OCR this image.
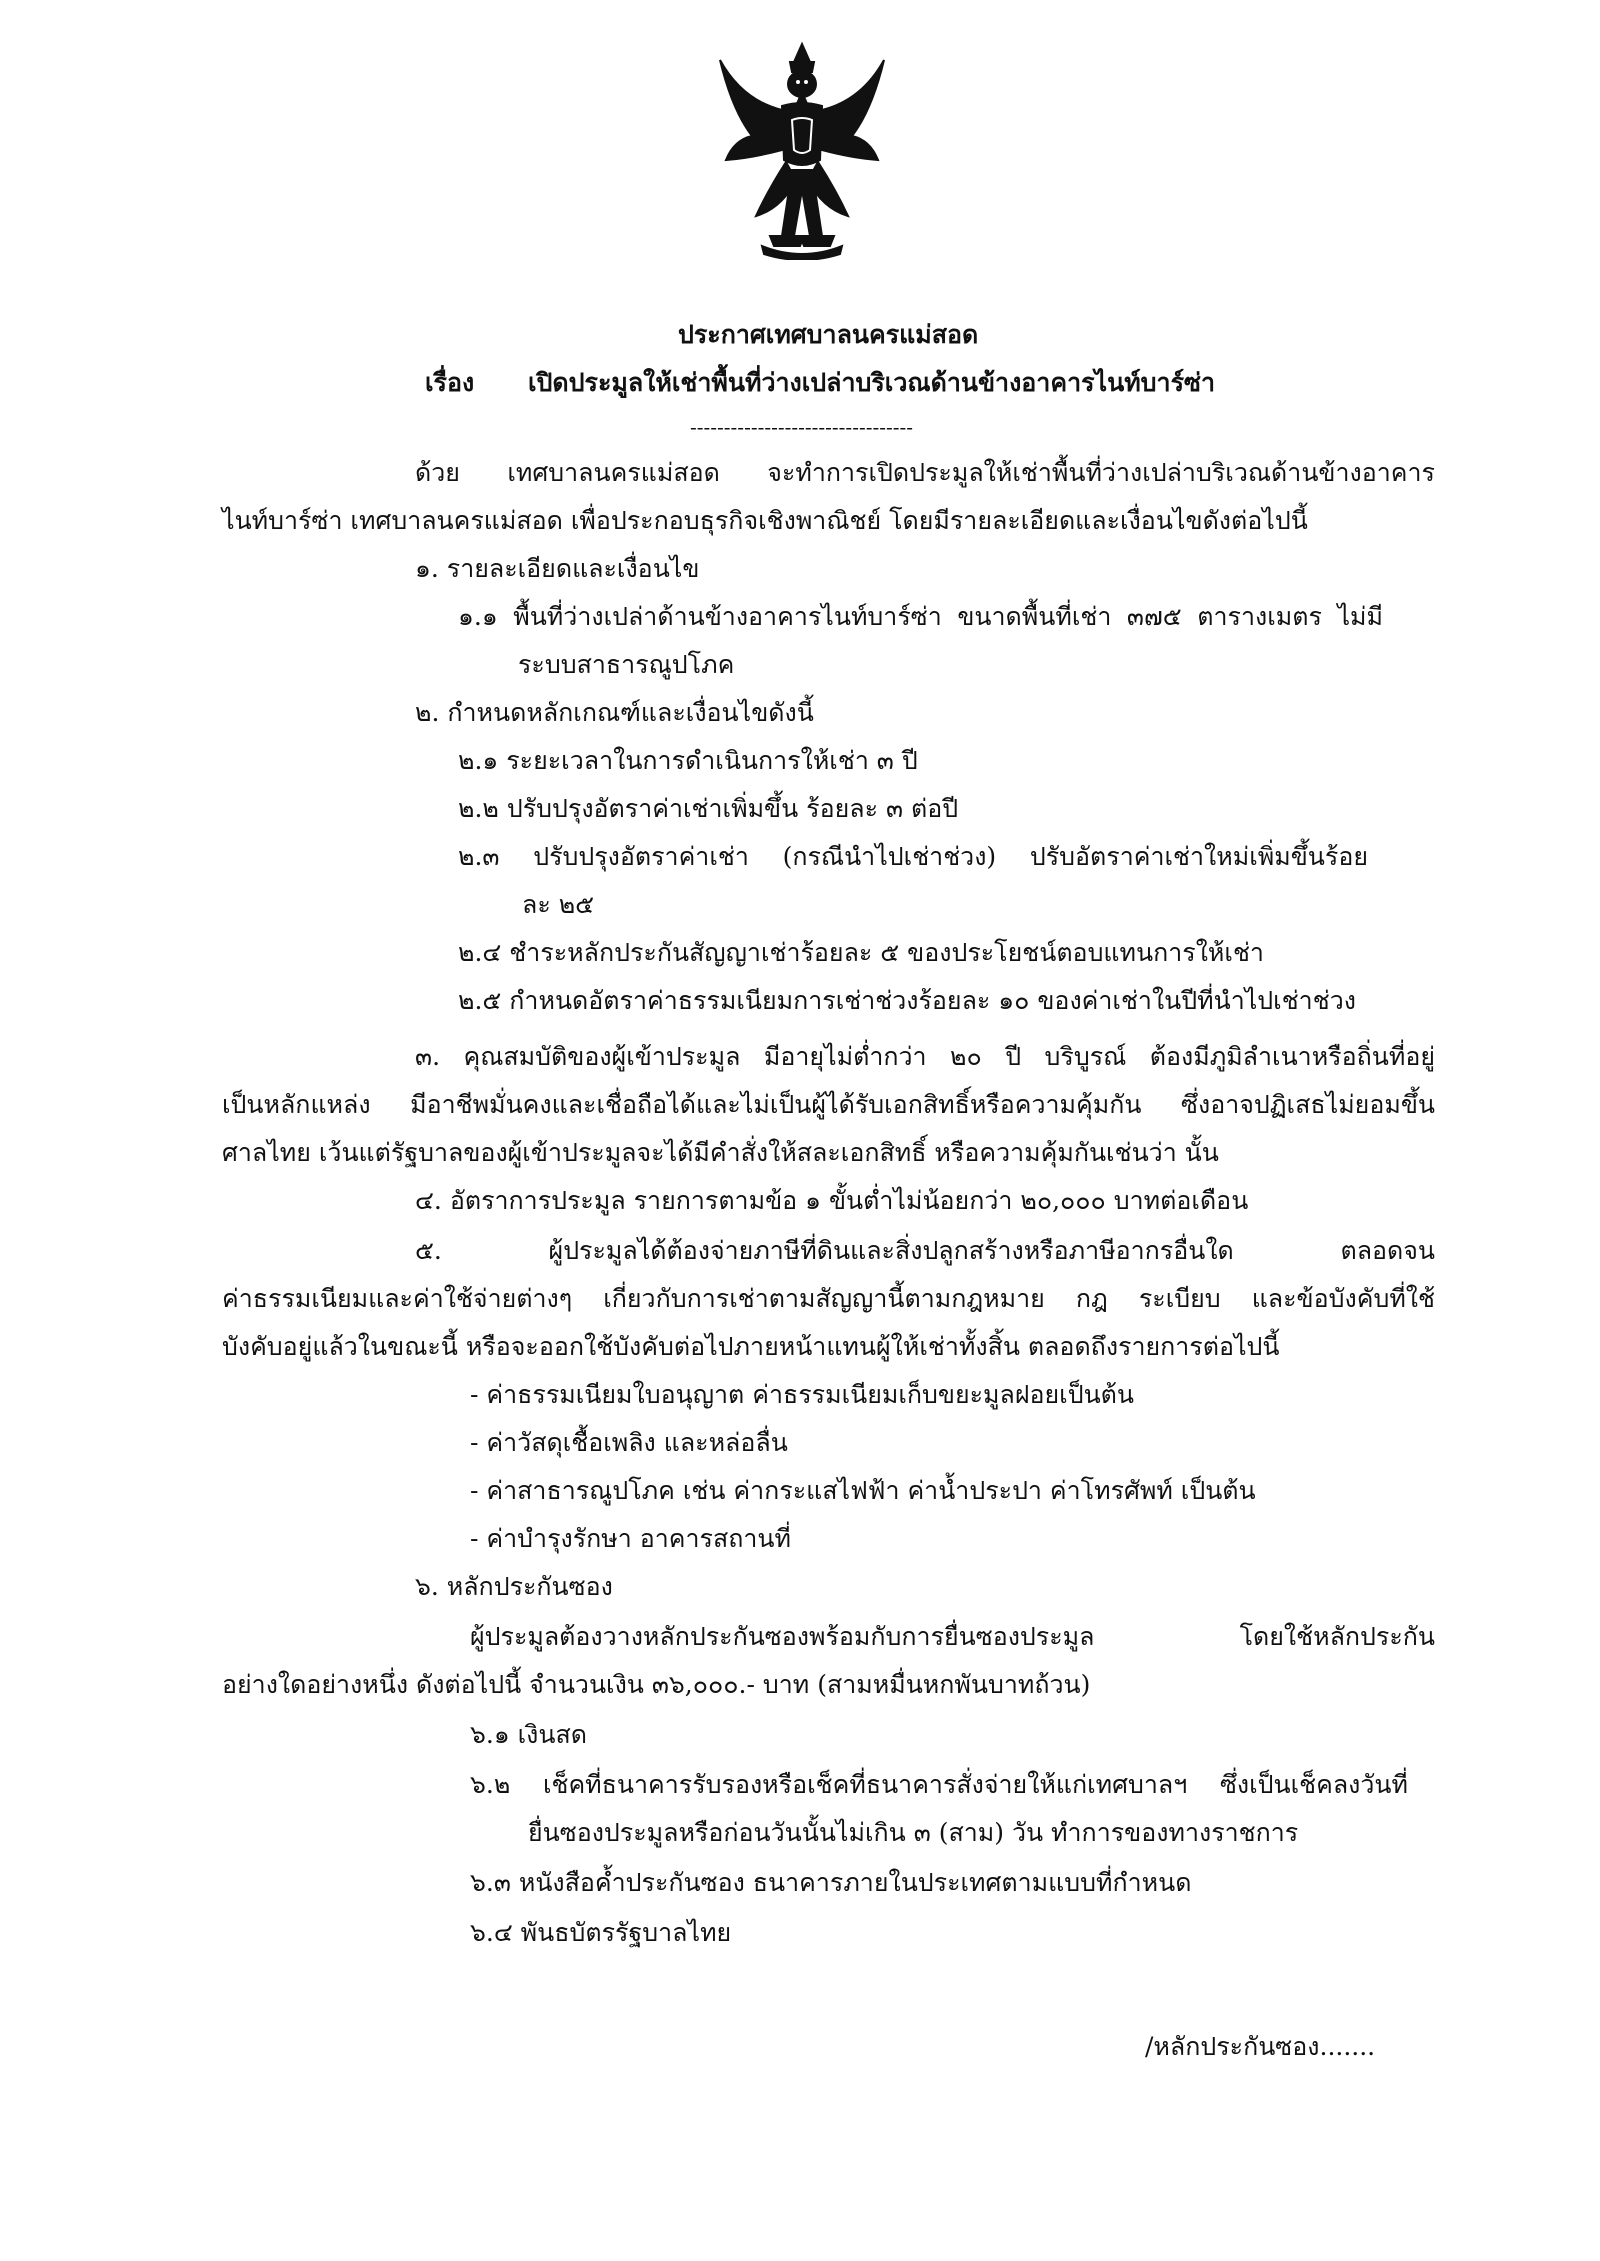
ประกาศเทศบาลนครแม่สอด
เรื่อง เปิดประมูลให้เช่าพื้นที่ว่างเปล่าบริเวณด้านข้างอาคารไนท์บาร์ซ่า
---------------------------------
ด้วย เทศบาลนครแม่สอด จะทำการเปิดประมูลให้เช่าพื้นที่ว่างเปล่าบริเวณด้านข้างอาคาร
ไนท์บาร์ซ่า เทศบาลนครแม่สอด เพื่อประกอบธุรกิจเชิงพาณิชย์ โดยมีรายละเอียดและเงื่อนไขดังต่อไปนี้
๑. รายละเอียดและเงื่อนไข
๑.๑ พื้นที่ว่างเปล่าด้านข้างอาคารไนท์บาร์ซ่า ขนาดพื้นที่เช่า ๓๗๕ ตารางเมตร ไม่มี
ระบบสาธารณูปโภค
๒. กำหนดหลักเกณฑ์และเงื่อนไขดังนี้
๒.๑ ระยะเวลาในการดำเนินการให้เช่า ๓ ปี
๒.๒ ปรับปรุงอัตราค่าเช่าเพิ่มขึ้น ร้อยละ ๓ ต่อปี
๒.๓ ปรับปรุงอัตราค่าเช่า (กรณีนำไปเช่าช่วง) ปรับอัตราค่าเช่าใหม่เพิ่มขึ้นร้อย
ละ ๒๕
๒.๔ ชำระหลักประกันสัญญาเช่าร้อยละ ๕ ของประโยชน์ตอบแทนการให้เช่า
๒.๕ กำหนดอัตราค่าธรรมเนียมการเช่าช่วงร้อยละ ๑๐ ของค่าเช่าในปีที่นำไปเช่าช่วง
๓. คุณสมบัติของผู้เข้าประมูล มีอายุไม่ต่ำกว่า ๒๐ ปี บริบูรณ์ ต้องมีภูมิลำเนาหรือถิ่นที่อยู่
เป็นหลักแหล่ง มีอาชีพมั่นคงและเชื่อถือได้และไม่เป็นผู้ได้รับเอกสิทธิ์หรือความคุ้มกัน ซึ่งอาจปฏิเสธไม่ยอมขึ้น
ศาลไทย เว้นแต่รัฐบาลของผู้เข้าประมูลจะได้มีคำสั่งให้สละเอกสิทธิ์ หรือความคุ้มกันเช่นว่า นั้น
๔. อัตราการประมูล รายการตามข้อ ๑ ขั้นต่ำไม่น้อยกว่า ๒๐,๐๐๐ บาทต่อเดือน
๕. ผู้ประมูลได้ต้องจ่ายภาษีที่ดินและสิ่งปลูกสร้างหรือภาษีอากรอื่นใด ตลอดจน
ค่าธรรมเนียมและค่าใช้จ่ายต่างๆ เกี่ยวกับการเช่าตามสัญญานี้ตามกฎหมาย กฎ ระเบียบ และข้อบังคับที่ใช้
บังคับอยู่แล้วในขณะนี้ หรือจะออกใช้บังคับต่อไปภายหน้าแทนผู้ให้เช่าทั้งสิ้น ตลอดถึงรายการต่อไปนี้
- ค่าธรรมเนียมใบอนุญาต ค่าธรรมเนียมเก็บขยะมูลฝอยเป็นต้น
- ค่าวัสดุเชื้อเพลิง และหล่อลื่น
- ค่าสาธารณูปโภค เช่น ค่ากระแสไฟฟ้า ค่าน้ำประปา ค่าโทรศัพท์ เป็นต้น
- ค่าบำรุงรักษา อาคารสถานที่
๖. หลักประกันซอง
ผู้ประมูลต้องวางหลักประกันซองพร้อมกับการยื่นซองประมูล โดยใช้หลักประกัน
อย่างใดอย่างหนึ่ง ดังต่อไปนี้ จำนวนเงิน ๓๖,๐๐๐.- บาท (สามหมื่นหกพันบาทถ้วน)
๖.๑ เงินสด
๖.๒ เช็คที่ธนาคารรับรองหรือเช็คที่ธนาคารสั่งจ่ายให้แก่เทศบาลฯ ซึ่งเป็นเช็คลงวันที่
ยื่นซองประมูลหรือก่อนวันนั้นไม่เกิน ๓ (สาม) วัน ทำการของทางราชการ
๖.๓ หนังสือค้ำประกันซอง ธนาคารภายในประเทศตามแบบที่กำหนด
๖.๔ พันธบัตรรัฐบาลไทย
/หลักประกันซอง.......
